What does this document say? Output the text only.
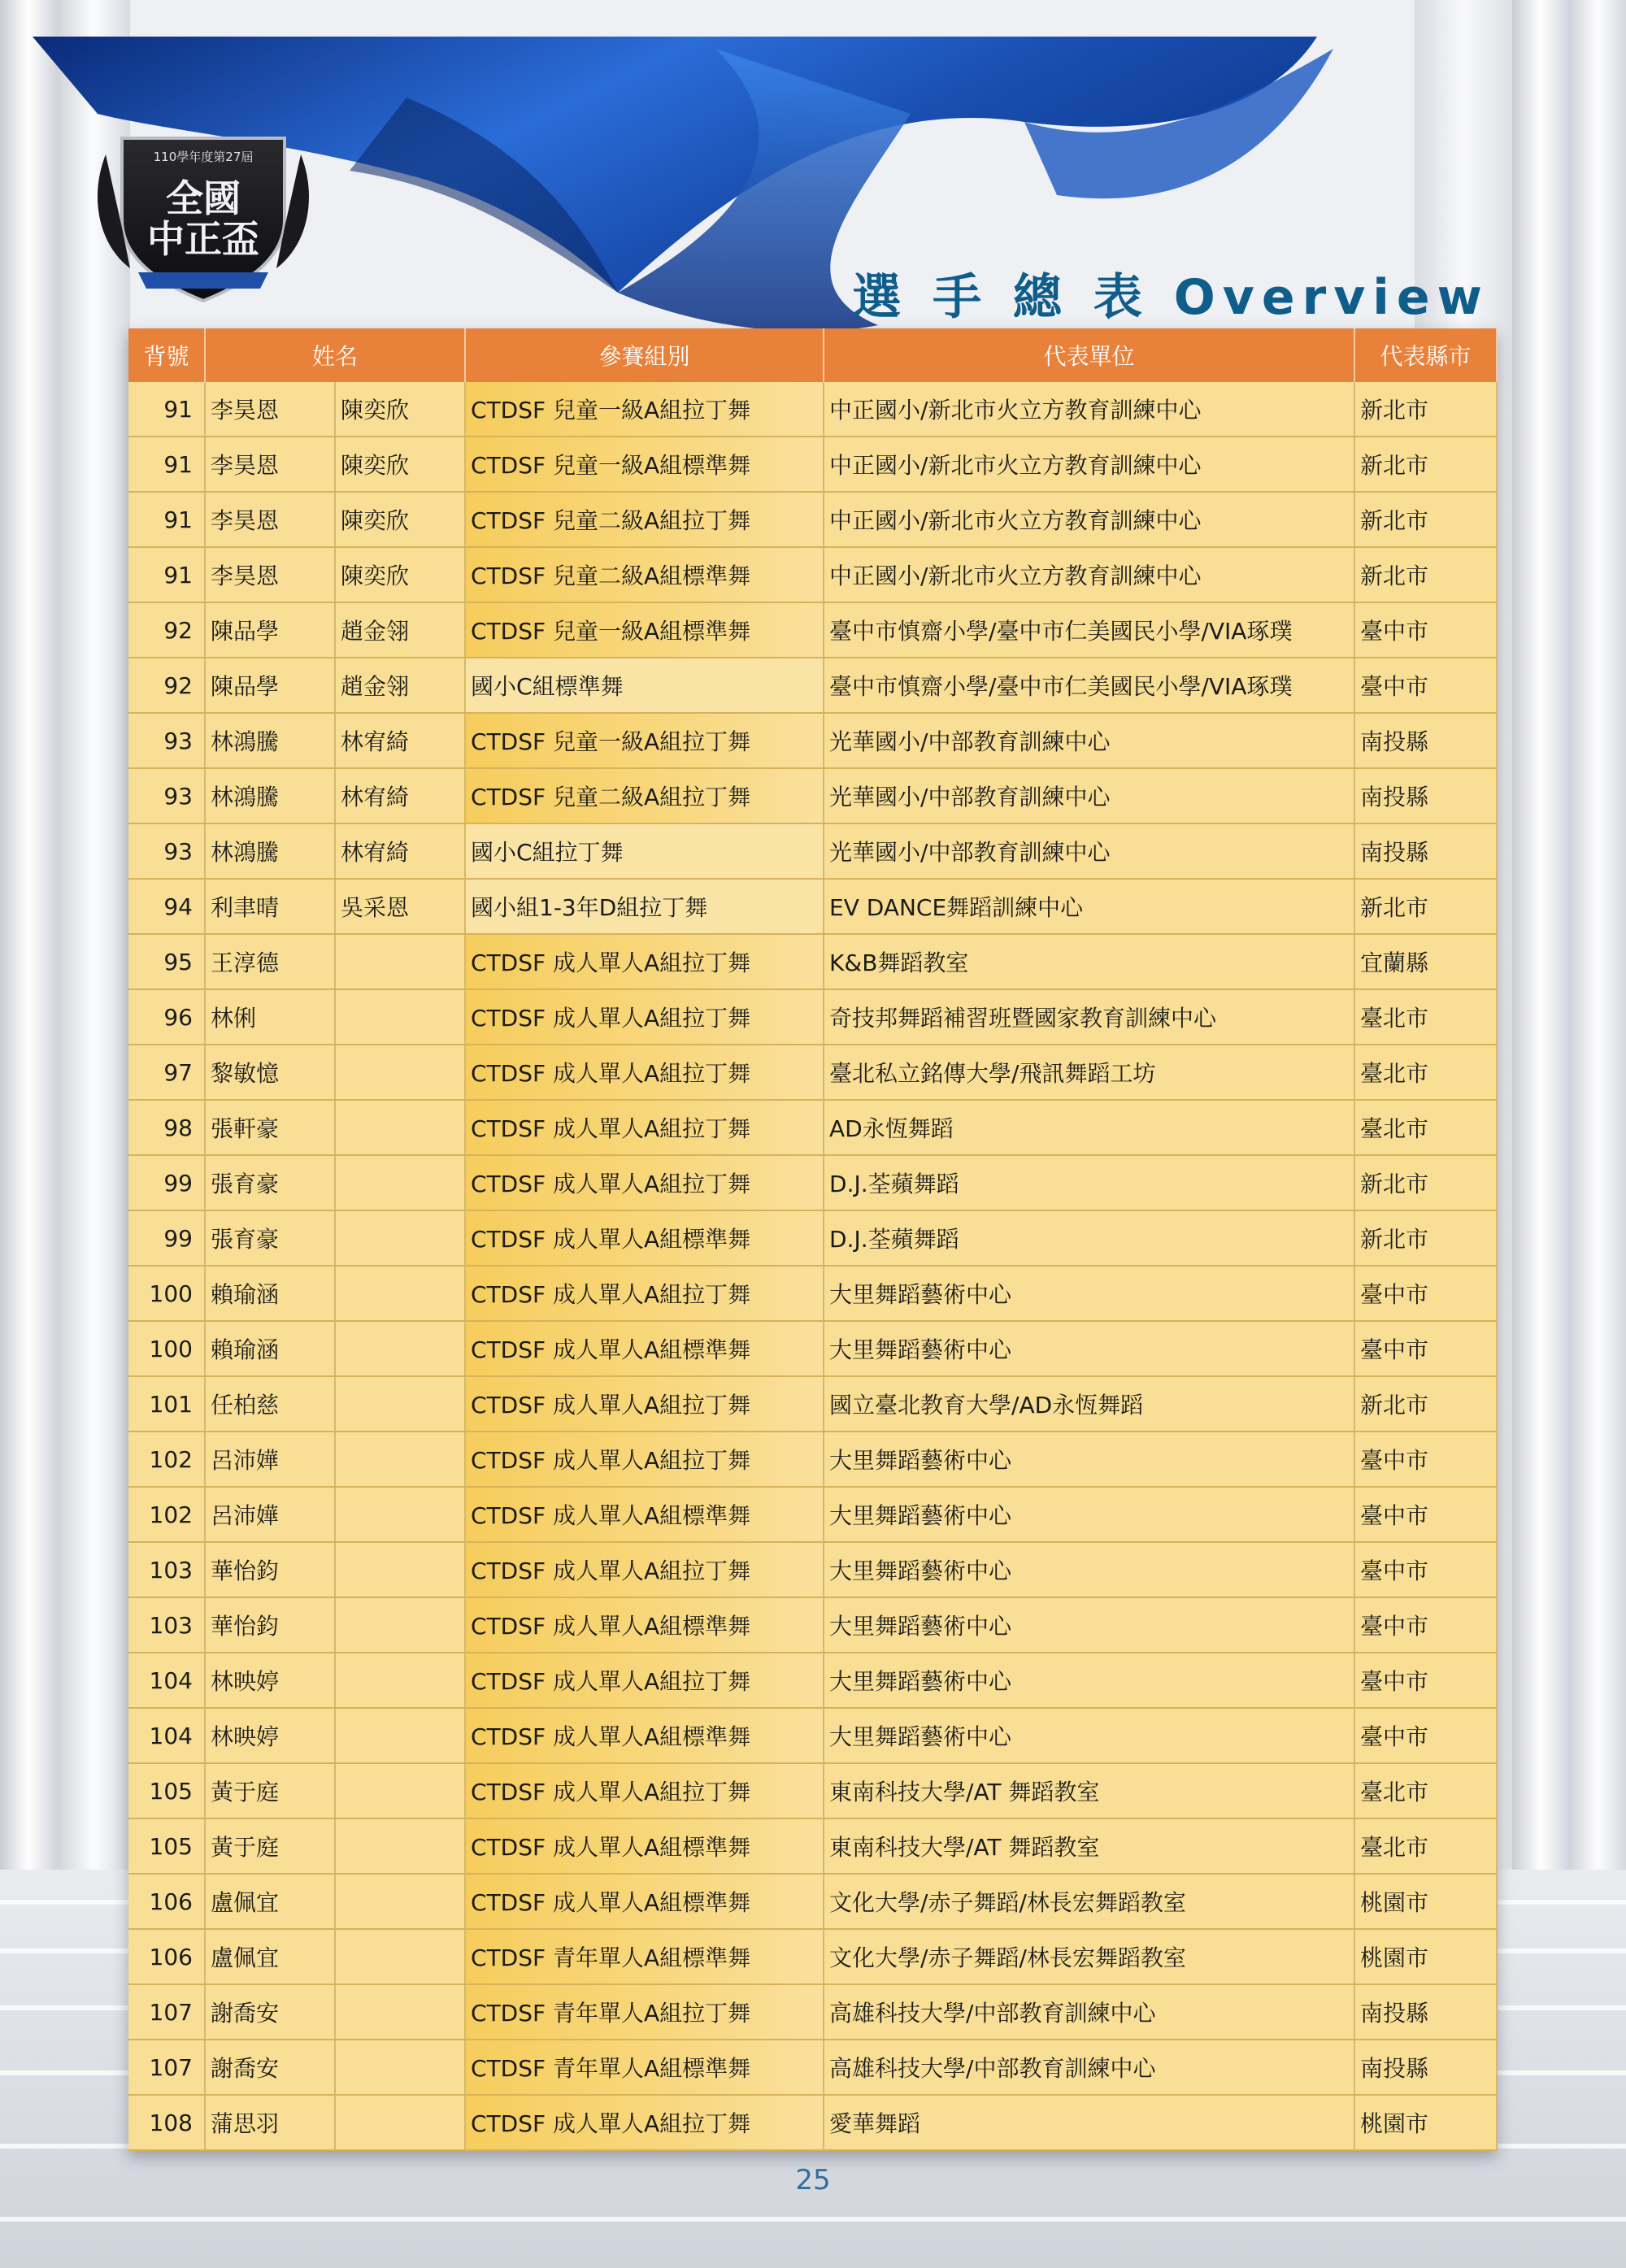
110學年度第27屆
全國
中正盃
選 手 總 表 Overview
背號	姓名		參賽組別	代表單位	代表縣市
91	李昊恩	陳奕欣	CTDSF 兒童一級A組拉丁舞	中正國小/新北市火立方教育訓練中心	新北市
91	李昊恩	陳奕欣	CTDSF 兒童一級A組標準舞	中正國小/新北市火立方教育訓練中心	新北市
91	李昊恩	陳奕欣	CTDSF 兒童二級A組拉丁舞	中正國小/新北市火立方教育訓練中心	新北市
91	李昊恩	陳奕欣	CTDSF 兒童二級A組標準舞	中正國小/新北市火立方教育訓練中心	新北市
92	陳品學	趙金翎	CTDSF 兒童一級A組標準舞	臺中市慎齋小學/臺中市仁美國民小學/VIA琢璞	臺中市
92	陳品學	趙金翎	國小C組標準舞	臺中市慎齋小學/臺中市仁美國民小學/VIA琢璞	臺中市
93	林鴻騰	林宥綺	CTDSF 兒童一級A組拉丁舞	光華國小/中部教育訓練中心	南投縣
93	林鴻騰	林宥綺	CTDSF 兒童二級A組拉丁舞	光華國小/中部教育訓練中心	南投縣
93	林鴻騰	林宥綺	國小C組拉丁舞	光華國小/中部教育訓練中心	南投縣
94	利聿晴	吳采恩	國小組1-3年D組拉丁舞	EV DANCE舞蹈訓練中心	新北市
95	王淳德		CTDSF 成人單人A組拉丁舞	K&B舞蹈教室	宜蘭縣
96	林俐		CTDSF 成人單人A組拉丁舞	奇技邦舞蹈補習班暨國家教育訓練中心	臺北市
97	黎敏憶		CTDSF 成人單人A組拉丁舞	臺北私立銘傳大學/飛訊舞蹈工坊	臺北市
98	張軒豪		CTDSF 成人單人A組拉丁舞	AD永恆舞蹈	臺北市
99	張育豪		CTDSF 成人單人A組拉丁舞	D.J.荃蘋舞蹈	新北市
99	張育豪		CTDSF 成人單人A組標準舞	D.J.荃蘋舞蹈	新北市
100	賴瑜涵		CTDSF 成人單人A組拉丁舞	大里舞蹈藝術中心	臺中市
100	賴瑜涵		CTDSF 成人單人A組標準舞	大里舞蹈藝術中心	臺中市
101	任柏慈		CTDSF 成人單人A組拉丁舞	國立臺北教育大學/AD永恆舞蹈	新北市
102	呂沛嬅		CTDSF 成人單人A組拉丁舞	大里舞蹈藝術中心	臺中市
102	呂沛嬅		CTDSF 成人單人A組標準舞	大里舞蹈藝術中心	臺中市
103	華怡鈞		CTDSF 成人單人A組拉丁舞	大里舞蹈藝術中心	臺中市
103	華怡鈞		CTDSF 成人單人A組標準舞	大里舞蹈藝術中心	臺中市
104	林映婷		CTDSF 成人單人A組拉丁舞	大里舞蹈藝術中心	臺中市
104	林映婷		CTDSF 成人單人A組標準舞	大里舞蹈藝術中心	臺中市
105	黃于庭		CTDSF 成人單人A組拉丁舞	東南科技大學/AT 舞蹈教室	臺北市
105	黃于庭		CTDSF 成人單人A組標準舞	東南科技大學/AT 舞蹈教室	臺北市
106	盧佩宜		CTDSF 成人單人A組標準舞	文化大學/赤子舞蹈/林長宏舞蹈教室	桃園市
106	盧佩宜		CTDSF 青年單人A組標準舞	文化大學/赤子舞蹈/林長宏舞蹈教室	桃園市
107	謝喬安		CTDSF 青年單人A組拉丁舞	高雄科技大學/中部教育訓練中心	南投縣
107	謝喬安		CTDSF 青年單人A組標準舞	高雄科技大學/中部教育訓練中心	南投縣
108	蒲思羽		CTDSF 成人單人A組拉丁舞	愛華舞蹈	桃園市
25
